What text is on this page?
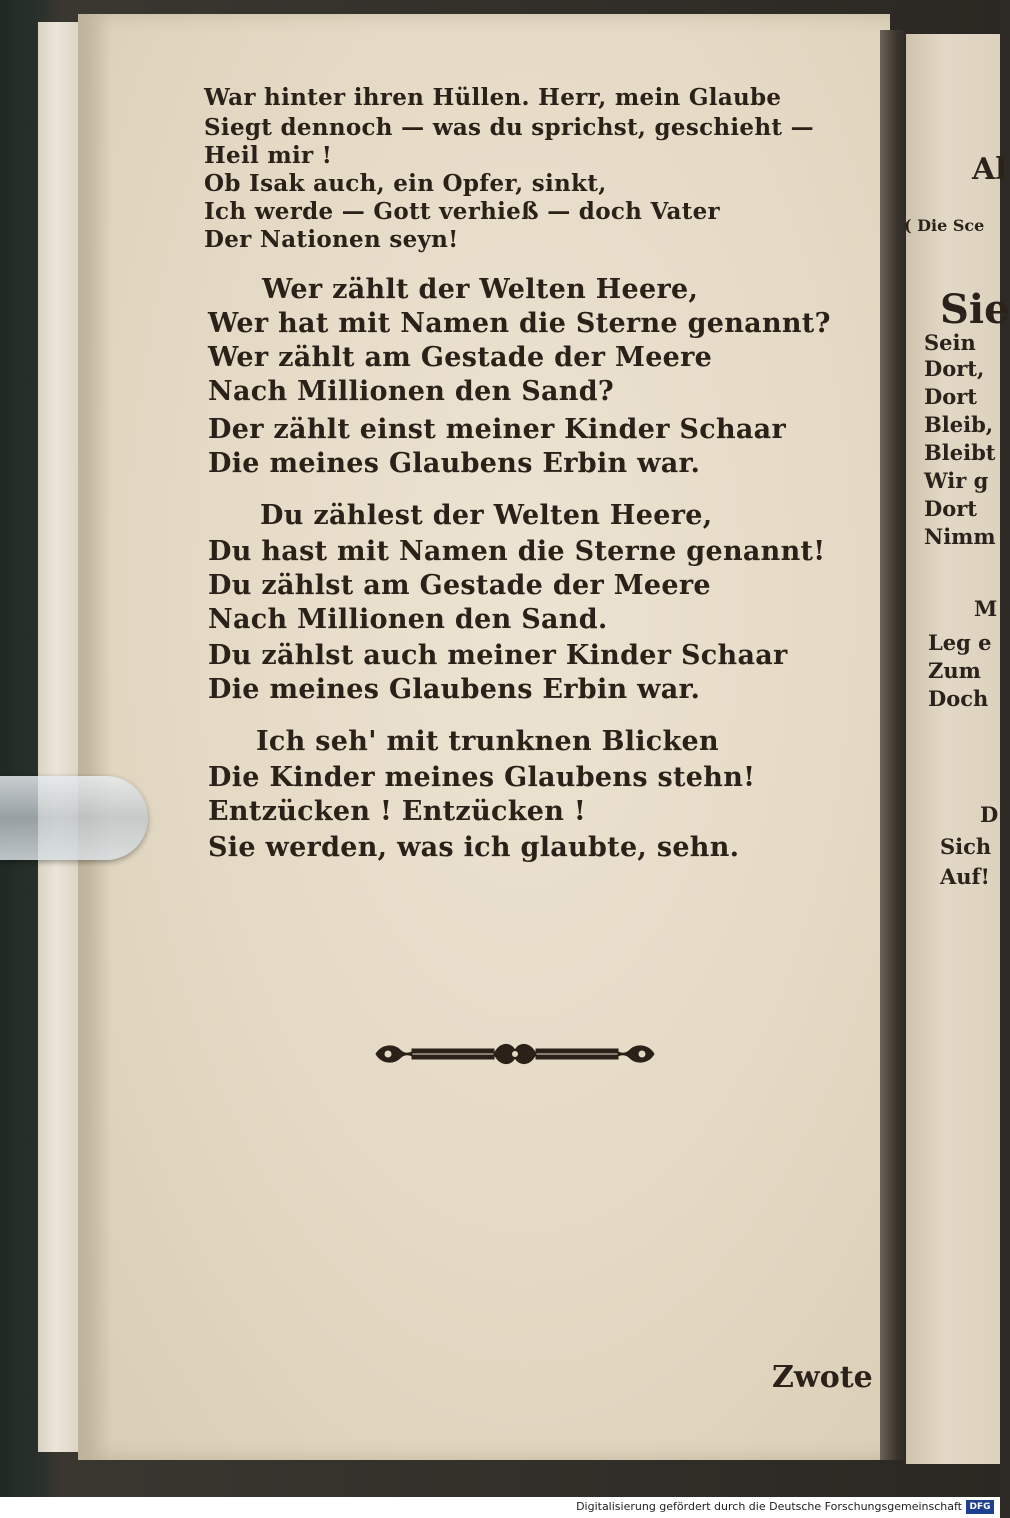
Al
( Die Sce
Sie
Sein
Dort,
Dort
Bleib,
Bleibt
Wir g
Dort
Nimm
M
Leg e
Zum
Doch
D
Sich
Auf!
War hinter ihren Hüllen. Herr, mein Glaube
Siegt dennoch — was du sprichst, geschieht —
Heil mir !
Ob Isak auch, ein Opfer, sinkt,
Ich werde — Gott verhieß — doch Vater
Der Nationen seyn!
Wer zählt der Welten Heere,
Wer hat mit Namen die Sterne genannt?
Wer zählt am Gestade der Meere
Nach Millionen den Sand?
Der zählt einst meiner Kinder Schaar
Die meines Glaubens Erbin war.
Du zählest der Welten Heere,
Du hast mit Namen die Sterne genannt!
Du zählst am Gestade der Meere
Nach Millionen den Sand.
Du zählst auch meiner Kinder Schaar
Die meines Glaubens Erbin war.
Ich seh' mit trunknen Blicken
Die Kinder meines Glaubens stehn!
Entzücken ! Entzücken !
Sie werden, was ich glaubte, sehn.
Zwote
Digitalisierung gefördert durch die Deutsche Forschungsgemeinschaft DFG
